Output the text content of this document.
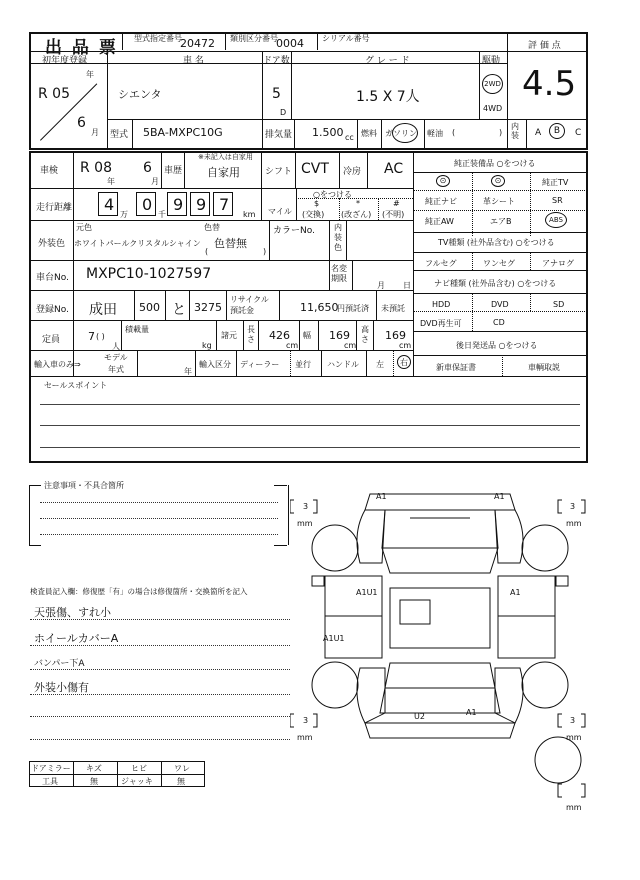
出 品 票 型式指定番号
20472 類別区分番号
0004 シリアル番号
評 価 点
4.5
初年度登録	車 名	ドア数	グ レ ー ド	駆動
年
R 05
6
月
シエンタ	5
D
1.5 X 7人
$_{2WD}$
4WD
型式 5BA-MXPC10G	排気量 1.500 cc 燃料 ガソリン 軽油 (	)
内装 A	B	C
車検 R 08
年
6
月
車歴
※未記入は自家用
自家用	シフト CVT 冷房 AC
走行距離 4
万
0
千
9 9 7
km
○をつける
マイル
$
(交換)
*
(改ざん)
#
(不明)
外装色
元色
ホワイトパールクリスタルシャイン
色替
色替無
(	)
カラーNo. 内装色
車台No. MXPC10-1027597	名変期限
月 日
登録No. 成田 500 と 3275
リサイクル預託金	11,650
円預託済 未預託
定員	7 ( )
人
積載量
kg
諸元
長さ 426
cm
幅 169
cm
高さ 169
cm
輸入車のみ⇒
モデル
年式	年
輸入区分 ディーラー 並行 ハンドル 左	右
純正装備品 ○をつける
⊙	⊙	純正TV
純正ナビ	革シート	SR
純正AW	エアB	$_{ABS}$
TV種類 (社外品含む) ○をつける
フルセグ	ワンセグ	アナログ
ナビ種類 (社外品含む) ○をつける
HDD	DVD	SD
DVD再生可	CD
後日発送品 ○をつける
新車保証書	車輌取説
セールスポイント
注意事項・不具合箇所
検査員記入欄：修復歴「有」の場合は修復箇所・交換箇所を記入
天張傷、すれ小
ホイールカバーA
バンパー下A
外装小傷有
ドアミラー キズ	ヒビ	ワレ
工具	無	ジャッキ	無
3
mm
3
mm
3
mm
3
mm
mm
A1	A1
A1U1	A1
A1U1
U2	A1
